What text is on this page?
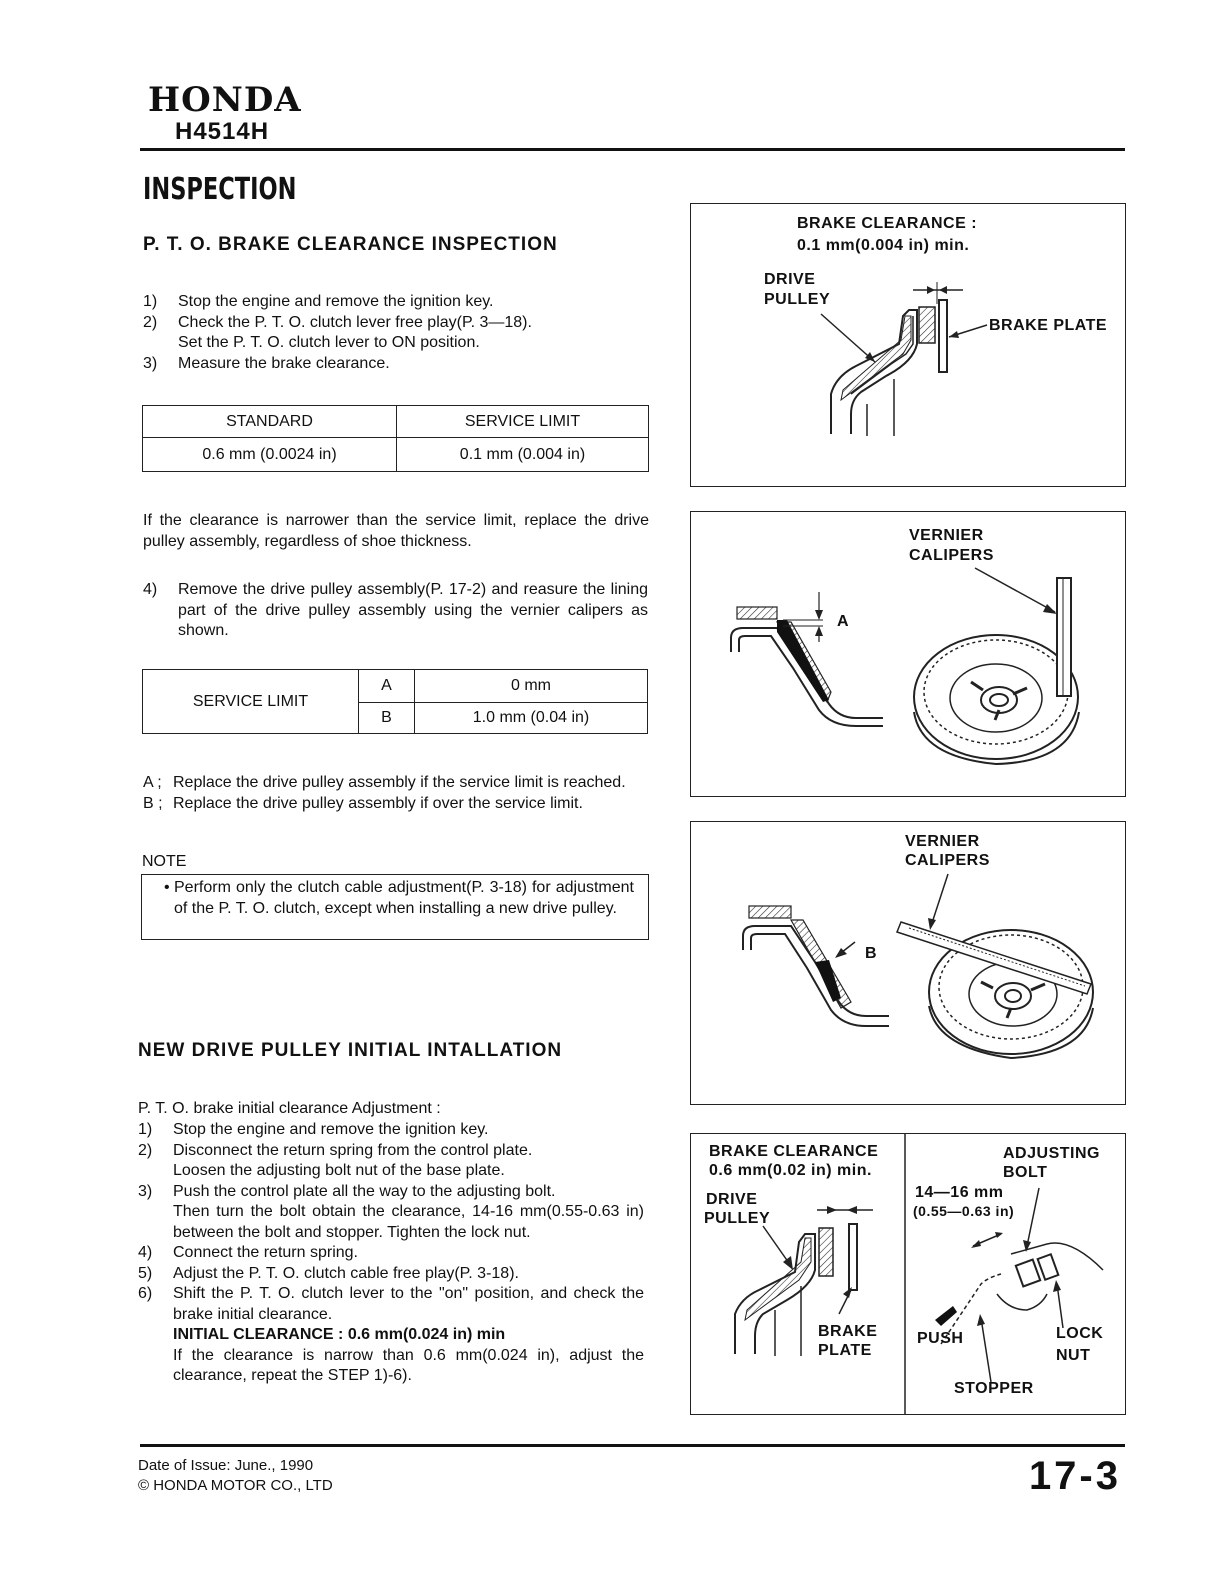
HONDA
H4514H
INSPECTION
P. T. O. BRAKE CLEARANCE INSPECTION
1)	Stop the engine and remove the ignition key.
2)	Check the P. T. O. clutch lever free play(P. 3—18).
Set the P. T. O. clutch lever to ON position.
3)	Measure the brake clearance.
STANDARD	SERVICE LIMIT
0.6 mm (0.0024 in)	0.1 mm (0.004 in)
If the clearance is narrower than the service limit, replace the drive pulley assembly, regardless of shoe thickness.
4)	Remove the drive pulley assembly(P. 17-2) and reasure the lining part of the drive pulley assembly using the vernier calipers as shown.
SERVICE LIMIT	A	0 mm
	B	1.0 mm (0.04 in)
A ; Replace the drive pulley assembly if the service limit is reached.
B ; Replace the drive pulley assembly if over the service limit.
NOTE
• Perform only the clutch cable adjustment(P. 3-18) for adjustment of the P. T. O. clutch, except when installing a new drive pulley.
NEW DRIVE PULLEY INITIAL INTALLATION
P. T. O. brake initial clearance Adjustment :
1)	Stop the engine and remove the ignition key.
2)	Disconnect the return spring from the control plate.
Loosen the adjusting bolt nut of the base plate.
3)	Push the control plate all the way to the adjusting bolt.
Then turn the bolt obtain the clearance, 14-16 mm(0.55-0.63 in) between the bolt and stopper. Tighten the lock nut.
4)	Connect the return spring.
5)	Adjust the P. T. O. clutch cable free play(P. 3-18).
6)	Shift the P. T. O. clutch lever to the "on" position, and check the brake initial clearance.
INITIAL CLEARANCE : 0.6 mm(0.024 in) min
If the clearance is narrow than 0.6 mm(0.024 in), adjust the clearance, repeat the STEP 1)-6).
BRAKE CLEARANCE :
0.1 mm(0.004 in) min.
DRIVE
PULLEY
BRAKE PLATE
VERNIER
CALIPERS
A
VERNIER
CALIPERS
B
BRAKE CLEARANCE
0.6 mm(0.02 in) min.
DRIVE
PULLEY
BRAKE
PLATE
ADJUSTING
BOLT
14—16 mm
(0.55—0.63 in)
PUSH	LOCK
NUT
STOPPER
Date of Issue: June., 1990
© HONDA MOTOR CO., LTD	17-3
